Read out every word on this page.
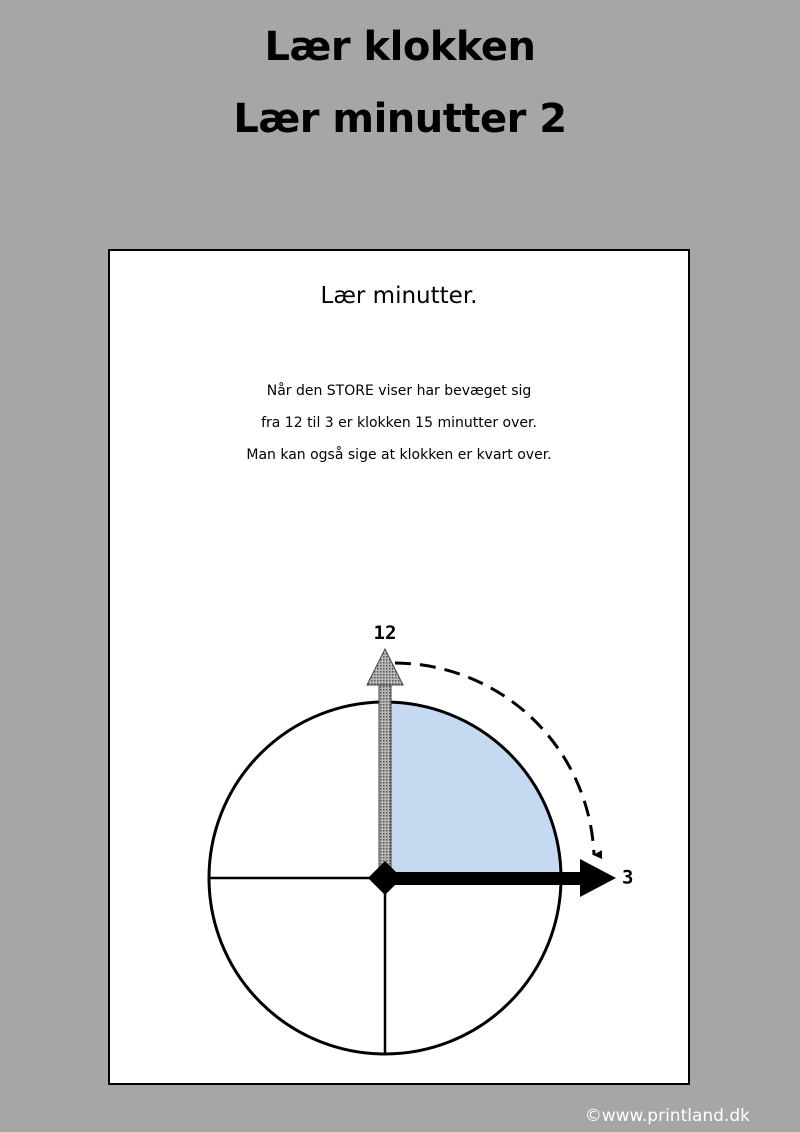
Lær klokken
Lær minutter 2

Lær minutter.

Når den STORE viser har bevæget sig

fra 12 til 3 er klokken 15 minutter over.

Man kan også sige at klokken er kvart over.

12
3

©www.printland.dk
